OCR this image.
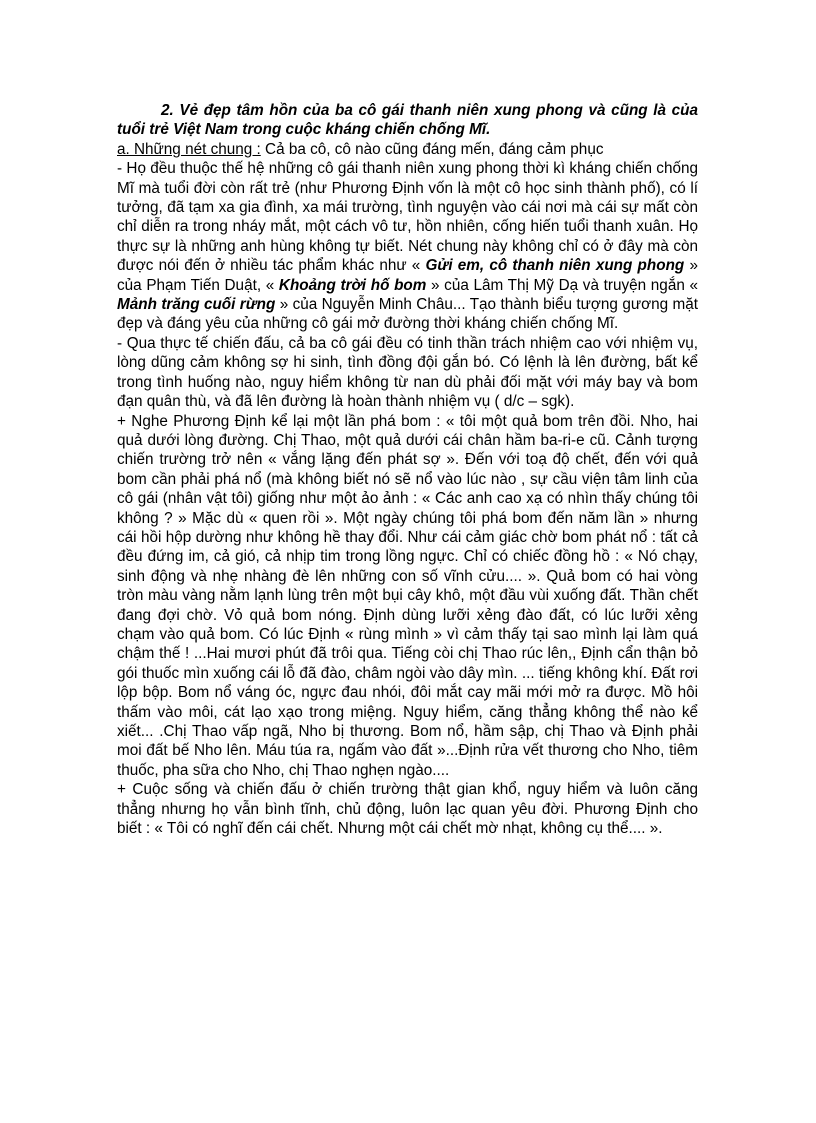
2. Vẻ đẹp tâm hồn của ba cô gái thanh niên xung phong và cũng là của tuổi trẻ Việt Nam trong cuộc kháng chiến chống Mĩ.

a. Những nét chung : Cả ba cô, cô nào cũng đáng mến, đáng cảm phục

- Họ đều thuộc thế hệ những cô gái thanh niên xung phong thời kì kháng chiến chống Mĩ mà tuổi đời còn rất trẻ (như Phương Định vốn là một cô học sinh thành phố), có lí tưởng, đã tạm xa gia đình, xa mái trường, tình nguyện vào cái nơi mà cái sự mất còn chỉ diễn ra trong nháy mắt, một cách vô tư, hồn nhiên, cống hiến tuổi thanh xuân. Họ thực sự là những anh hùng không tự biết. Nét chung này không chỉ có ở đây mà còn được nói đến ở nhiều tác phẩm khác như « Gửi em, cô thanh niên xung phong » của Phạm Tiến Duật, « Khoảng trời hố bom » của Lâm Thị Mỹ Dạ và truyện ngắn « Mảnh trăng cuối rừng » của Nguyễn Minh Châu... Tạo thành biểu tượng gương mặt đẹp và đáng yêu của những cô gái mở đường thời kháng chiến chống Mĩ.

- Qua thực tế chiến đấu, cả ba cô gái đều có tinh thần trách nhiệm cao với nhiệm vụ, lòng dũng cảm không sợ hi sinh, tình đồng đội gắn bó. Có lệnh là lên đường, bất kể trong tình huống nào, nguy hiểm không từ nan dù phải đối mặt với máy bay và bom đạn quân thù, và đã lên đường là hoàn thành nhiệm vụ ( d/c – sgk).

+ Nghe Phương Định kể lại một lần phá bom : « tôi một quả bom trên đồi. Nho, hai quả dưới lòng đường. Chị Thao, một quả dưới cái chân hầm ba-ri-e cũ. Cảnh tượng chiến trường trở nên « vắng lặng đến phát sợ ». Đến với toạ độ chết, đến với quả bom cần phải phá nổ (mà không biết nó sẽ nổ vào lúc nào , sự cầu viện tâm linh của cô gái (nhân vật tôi) giống như một ảo ảnh : « Các anh cao xạ có nhìn thấy chúng tôi không ? » Mặc dù « quen rồi ». Một ngày chúng tôi phá bom đến năm lần » nhưng cái hồi hộp dường như không hề thay đổi. Như cái cảm giác chờ bom phát nổ : tất cả đều đứng im, cả gió, cả nhịp tim trong lồng ngực. Chỉ có chiếc đồng hồ : « Nó chạy, sinh động và nhẹ nhàng đè lên những con số vĩnh cửu.... ». Quả bom có hai vòng tròn màu vàng nằm lạnh lùng trên một bụi cây khô, một đầu vùi xuống đất. Thần chết đang đợi chờ. Vỏ quả bom nóng. Định dùng lưỡi xẻng đào đất, có lúc lưỡi xẻng chạm vào quả bom. Có lúc Định « rùng mình » vì cảm thấy tại sao mình lại làm quá chậm thế ! ...Hai mươi phút đã trôi qua. Tiếng còi chị Thao rúc lên,, Định cẩn thận bỏ gói thuốc mìn xuống cái lỗ đã đào, châm ngòi vào dây mìn. ... tiếng không khí. Đất rơi lộp bộp. Bom nổ váng óc, ngực đau nhói, đôi mắt cay mãi mới mở ra được. Mồ hôi thấm vào môi, cát lạo xạo trong miệng. Nguy hiểm, căng thẳng không thể nào kể xiết... .Chị Thao vấp ngã, Nho bị thương. Bom nổ, hầm sập, chị Thao và Định phải moi đất bế Nho lên. Máu túa ra, ngấm vào đất »...Định rửa vết thương cho Nho, tiêm thuốc, pha sữa cho Nho, chị Thao nghẹn ngào....

+ Cuộc sống và chiến đấu ở chiến trường thật gian khổ, nguy hiểm và luôn căng thẳng nhưng họ vẫn bình tĩnh, chủ động, luôn lạc quan yêu đời. Phương Định cho biết : « Tôi có nghĩ đến cái chết. Nhưng một cái chết mờ nhạt, không cụ thể.... ».
